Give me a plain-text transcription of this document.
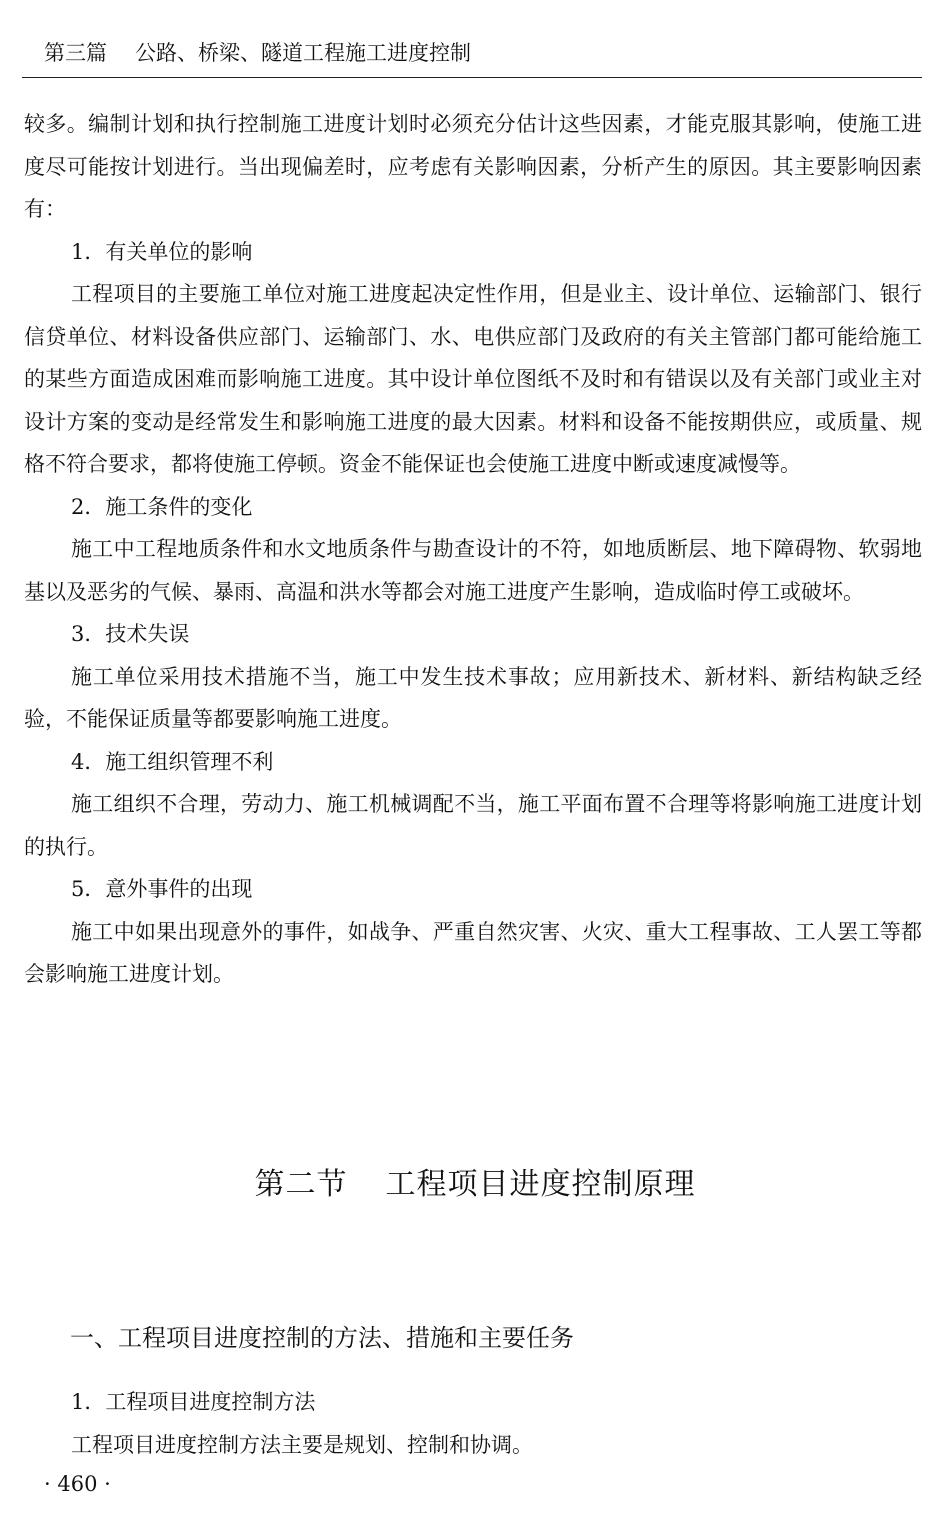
第三篇 公路、桥梁、隧道工程施工进度控制

较多。编制计划和执行控制施工进度计划时必须充分估计这些因素，才能克服其影响，使施工进度尽可能按计划进行。当出现偏差时，应考虑有关影响因素，分析产生的原因。其主要影响因素有：

1．有关单位的影响

工程项目的主要施工单位对施工进度起决定性作用，但是业主、设计单位、运输部门、银行信贷单位、材料设备供应部门、运输部门、水、电供应部门及政府的有关主管部门都可能给施工的某些方面造成困难而影响施工进度。其中设计单位图纸不及时和有错误以及有关部门或业主对设计方案的变动是经常发生和影响施工进度的最大因素。材料和设备不能按期供应，或质量、规格不符合要求，都将使施工停顿。资金不能保证也会使施工进度中断或速度减慢等。

2．施工条件的变化

施工中工程地质条件和水文地质条件与勘查设计的不符，如地质断层、地下障碍物、软弱地基以及恶劣的气候、暴雨、高温和洪水等都会对施工进度产生影响，造成临时停工或破坏。

3．技术失误

施工单位采用技术措施不当，施工中发生技术事故；应用新技术、新材料、新结构缺乏经验，不能保证质量等都要影响施工进度。

4．施工组织管理不利

施工组织不合理，劳动力、施工机械调配不当，施工平面布置不合理等将影响施工进度计划的执行。

5．意外事件的出现

施工中如果出现意外的事件，如战争、严重自然灾害、火灾、重大工程事故、工人罢工等都会影响施工进度计划。

第二节 工程项目进度控制原理
一、工程项目进度控制的方法、措施和主要任务

1．工程项目进度控制方法

工程项目进度控制方法主要是规划、控制和协调。

· 460 ·
